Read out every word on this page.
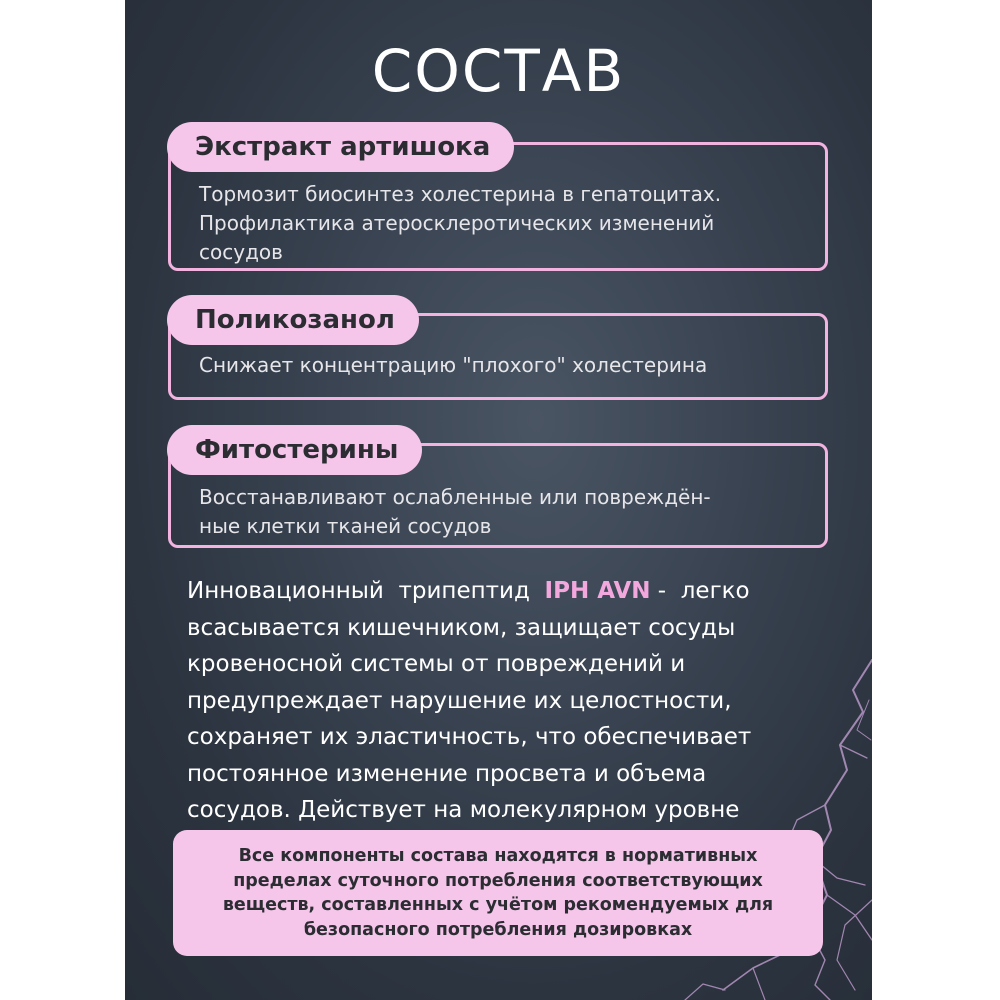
СОСТАВ
Тормозит биосинтез холестерина в гепатоцитах.
Профилактика атеросклеротических изменений
сосудов
Экстракт артишока
Снижает концентрацию "плохого" холестерина
Поликозанол
Восстанавливают ослабленные или повреждён-
ные клетки тканей сосудов
Фитостерины
Инновационный  трипептид  IPH AVN -  легко
всасывается кишечником, защищает сосуды
кровеносной системы от повреждений и
предупреждает нарушение их целостности,
сохраняет их эластичность, что обеспечивает
постоянное изменение просвета и объема
сосудов. Действует на молекулярном уровне
Все компоненты состава находятся в нормативных
пределах суточного потребления соответствующих
веществ, составленных с учётом рекомендуемых для
безопасного потребления дозировках
